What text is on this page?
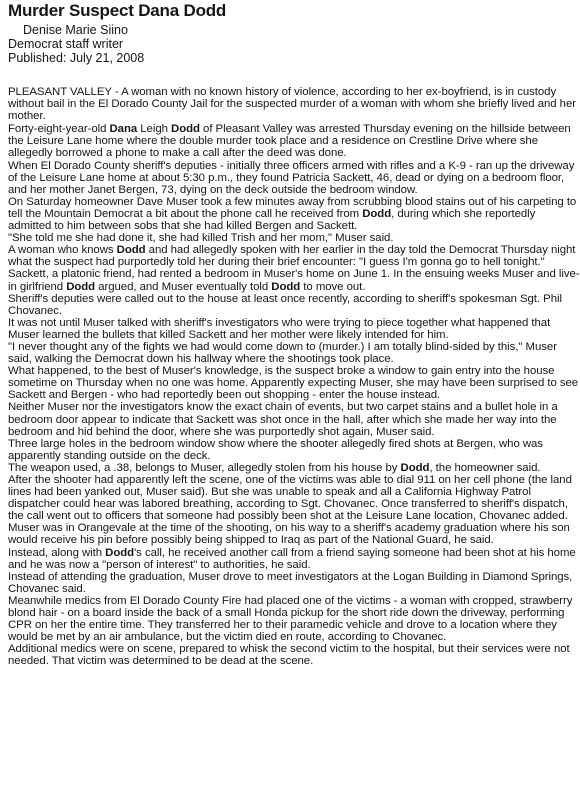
Murder Suspect Dana Dodd
Denise Marie Siino
Democrat staff writer
Published: July 21, 2008

PLEASANT VALLEY - A woman with no known history of violence, according to her ex-boyfriend, is in custody without bail in the El Dorado County Jail for the suspected murder of a woman with whom she briefly lived and her mother.

Forty-eight-year-old Dana Leigh Dodd of Pleasant Valley was arrested Thursday evening on the hillside between the Leisure Lane home where the double murder took place and a residence on Crestline Drive where she allegedly borrowed a phone to make a call after the deed was done.

When El Dorado County sheriff's deputies - initially three officers armed with rifles and a K-9 - ran up the driveway of the Leisure Lane home at about 5:30 p.m., they found Patricia Sackett, 46, dead or dying on a bedroom floor, and her mother Janet Bergen, 73, dying on the deck outside the bedroom window.

On Saturday homeowner Dave Muser took a few minutes away from scrubbing blood stains out of his carpeting to tell the Mountain Democrat a bit about the phone call he received from Dodd, during which she reportedly admitted to him between sobs that she had killed Bergen and Sackett.

"She told me she had done it, she had killed Trish and her mom," Muser said.

A woman who knows Dodd and had allegedly spoken with her earlier in the day told the Democrat Thursday night what the suspect had purportedly told her during their brief encounter: "I guess I'm gonna go to hell tonight."

Sackett, a platonic friend, had rented a bedroom in Muser's home on June 1. In the ensuing weeks Muser and live-in girlfriend Dodd argued, and Muser eventually told Dodd to move out.

Sheriff's deputies were called out to the house at least once recently, according to sheriff's spokesman Sgt. Phil Chovanec.

It was not until Muser talked with sheriff's investigators who were trying to piece together what happened that Muser learned the bullets that killed Sackett and her mother were likely intended for him.

"I never thought any of the fights we had would come down to (murder.) I am totally blind-sided by this," Muser said, walking the Democrat down his hallway where the shootings took place.

What happened, to the best of Muser's knowledge, is the suspect broke a window to gain entry into the house sometime on Thursday when no one was home. Apparently expecting Muser, she may have been surprised to see Sackett and Bergen - who had reportedly been out shopping - enter the house instead.

Neither Muser nor the investigators know the exact chain of events, but two carpet stains and a bullet hole in a bedroom door appear to indicate that Sackett was shot once in the hall, after which she made her way into the bedroom and hid behind the door, where she was purportedly shot again, Muser said.

Three large holes in the bedroom window show where the shooter allegedly fired shots at Bergen, who was apparently standing outside on the deck.

The weapon used, a .38, belongs to Muser, allegedly stolen from his house by Dodd, the homeowner said.

After the shooter had apparently left the scene, one of the victims was able to dial 911 on her cell phone (the land lines had been yanked out, Muser said). But she was unable to speak and all a California Highway Patrol dispatcher could hear was labored breathing, according to Sgt. Chovanec. Once transferred to sheriff's dispatch, the call went out to officers that someone had possibly been shot at the Leisure Lane location, Chovanec added.

Muser was in Orangevale at the time of the shooting, on his way to a sheriff's academy graduation where his son would receive his pin before possibly being shipped to Iraq as part of the National Guard, he said.

Instead, along with Dodd's call, he received another call from a friend saying someone had been shot at his home and he was now a "person of interest" to authorities, he said.

Instead of attending the graduation, Muser drove to meet investigators at the Logan Building in Diamond Springs, Chovanec said.

Meanwhile medics from El Dorado County Fire had placed one of the victims - a woman with cropped, strawberry blond hair - on a board inside the back of a small Honda pickup for the short ride down the driveway, performing CPR on her the entire time. They transferred her to their paramedic vehicle and drove to a location where they would be met by an air ambulance, but the victim died en route, according to Chovanec.

Additional medics were on scene, prepared to whisk the second victim to the hospital, but their services were not needed. That victim was determined to be dead at the scene.
